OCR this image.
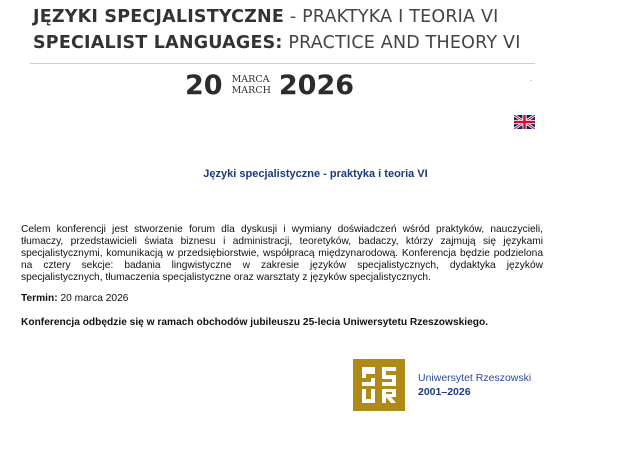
JĘZYKI SPECJALISTYCZNE - PRAKTYKA I TEORIA VI
SPECIALIST LANGUAGES: PRACTICE AND THEORY VI
20 MARCA
MARCH 2026	.
Języki specjalistyczne - praktyka i teoria VI

Celem konferencji jest stworzenie forum dla dyskusji i wymiany doświadczeń wśród praktyków, nauczycieli, tłumaczy, przedstawicieli świata biznesu i administracji, teoretyków, badaczy, którzy zajmują się językami specjalistycznymi, komunikacją w przedsiębiorstwie, współpracą międzynarodową. Konferencja będzie podzielona na cztery sekcje: badania lingwistyczne w zakresie języków specjalistycznych, dydaktyka języków specjalistycznych, tłumaczenia specjalistyczne oraz warsztaty z języków specjalistycznych.

Termin: 20 marca 2026

Konferencja odbędzie się w ramach obchodów jubileuszu 25-lecia Uniwersytetu Rzeszowskiego.

Uniwersytet Rzeszowski
2001–2026
